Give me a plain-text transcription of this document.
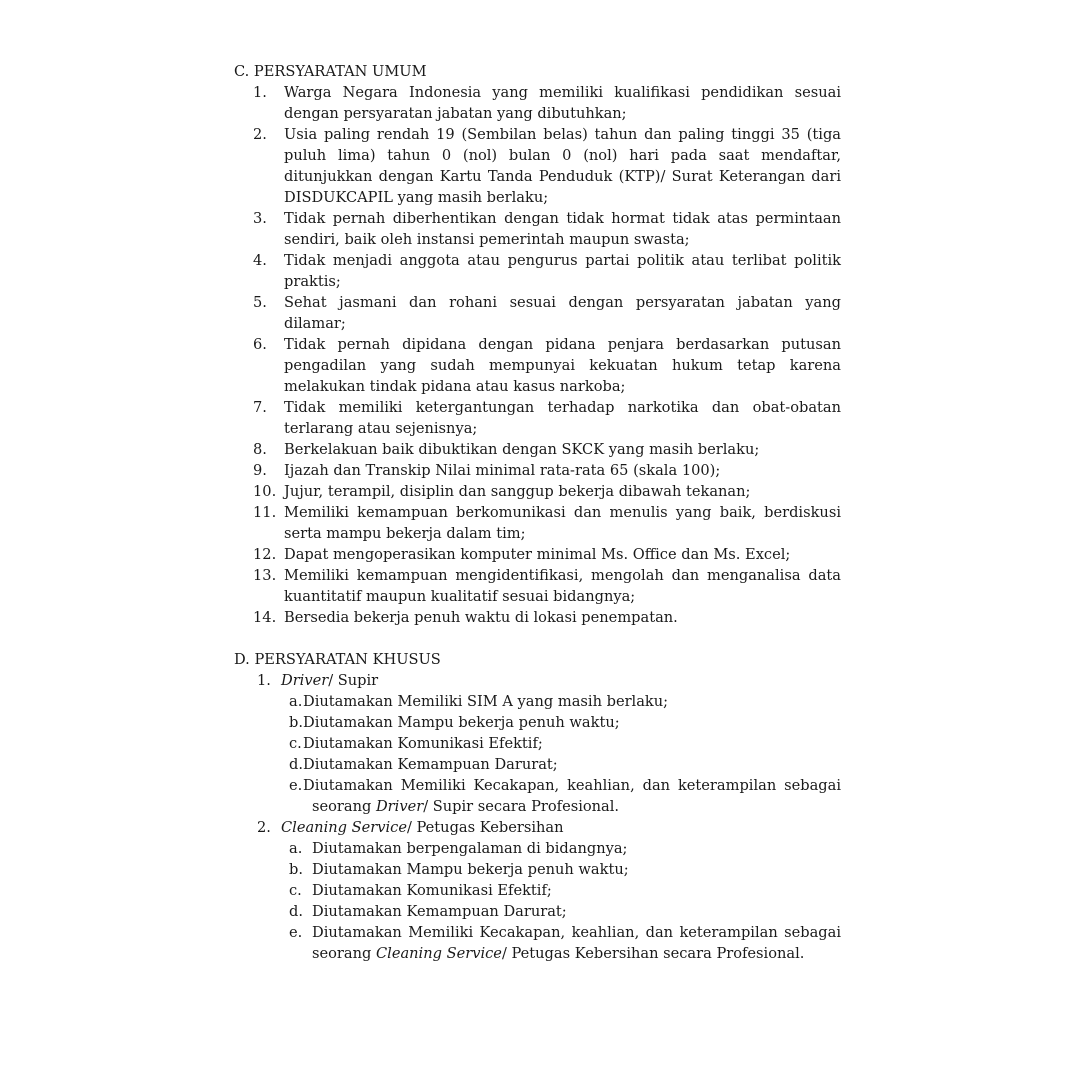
C. PERSYARATAN UMUM
1. Warga Negara Indonesia yang memiliki kualifikasi pendidikan sesuai dengan persyaratan jabatan yang dibutuhkan;
2. Usia paling rendah 19 (Sembilan belas) tahun dan paling tinggi 35 (tiga puluh lima) tahun 0 (nol) bulan 0 (nol) hari pada saat mendaftar, ditunjukkan dengan Kartu Tanda Penduduk (KTP)/ Surat Keterangan dari DISDUKCAPIL yang masih berlaku;
3. Tidak pernah diberhentikan dengan tidak hormat tidak atas permintaan sendiri, baik oleh instansi pemerintah maupun swasta;
4. Tidak menjadi anggota atau pengurus partai politik atau terlibat politik praktis;
5. Sehat jasmani dan rohani sesuai dengan persyaratan jabatan yang dilamar;
6. Tidak pernah dipidana dengan pidana penjara berdasarkan putusan pengadilan yang sudah mempunyai kekuatan hukum tetap karena melakukan tindak pidana atau kasus narkoba;
7. Tidak memiliki ketergantungan terhadap narkotika dan obat-obatan terlarang atau sejenisnya;
8. Berkelakuan baik dibuktikan dengan SKCK yang masih berlaku;
9. Ijazah dan Transkip Nilai minimal rata-rata 65 (skala 100);
10. Jujur, terampil, disiplin dan sanggup bekerja dibawah tekanan;
11. Memiliki kemampuan berkomunikasi dan menulis yang baik, berdiskusi serta mampu bekerja dalam tim;
12. Dapat mengoperasikan komputer minimal Ms. Office dan Ms. Excel;
13. Memiliki kemampuan mengidentifikasi, mengolah dan menganalisa data kuantitatif maupun kualitatif sesuai bidangnya;
14. Bersedia bekerja penuh waktu di lokasi penempatan.
D. PERSYARATAN KHUSUS
1. Driver/ Supir
a. Diutamakan Memiliki SIM A yang masih berlaku;
b. Diutamakan Mampu bekerja penuh waktu;
c. Diutamakan Komunikasi Efektif;
d. Diutamakan Kemampuan Darurat;
e. Diutamakan Memiliki Kecakapan, keahlian, dan keterampilan sebagai seorang Driver/ Supir secara Profesional.
2. Cleaning Service/ Petugas Kebersihan
a. Diutamakan berpengalaman di bidangnya;
b. Diutamakan Mampu bekerja penuh waktu;
c. Diutamakan Komunikasi Efektif;
d. Diutamakan Kemampuan Darurat;
e. Diutamakan Memiliki Kecakapan, keahlian, dan keterampilan sebagai seorang Cleaning Service/ Petugas Kebersihan secara Profesional.
